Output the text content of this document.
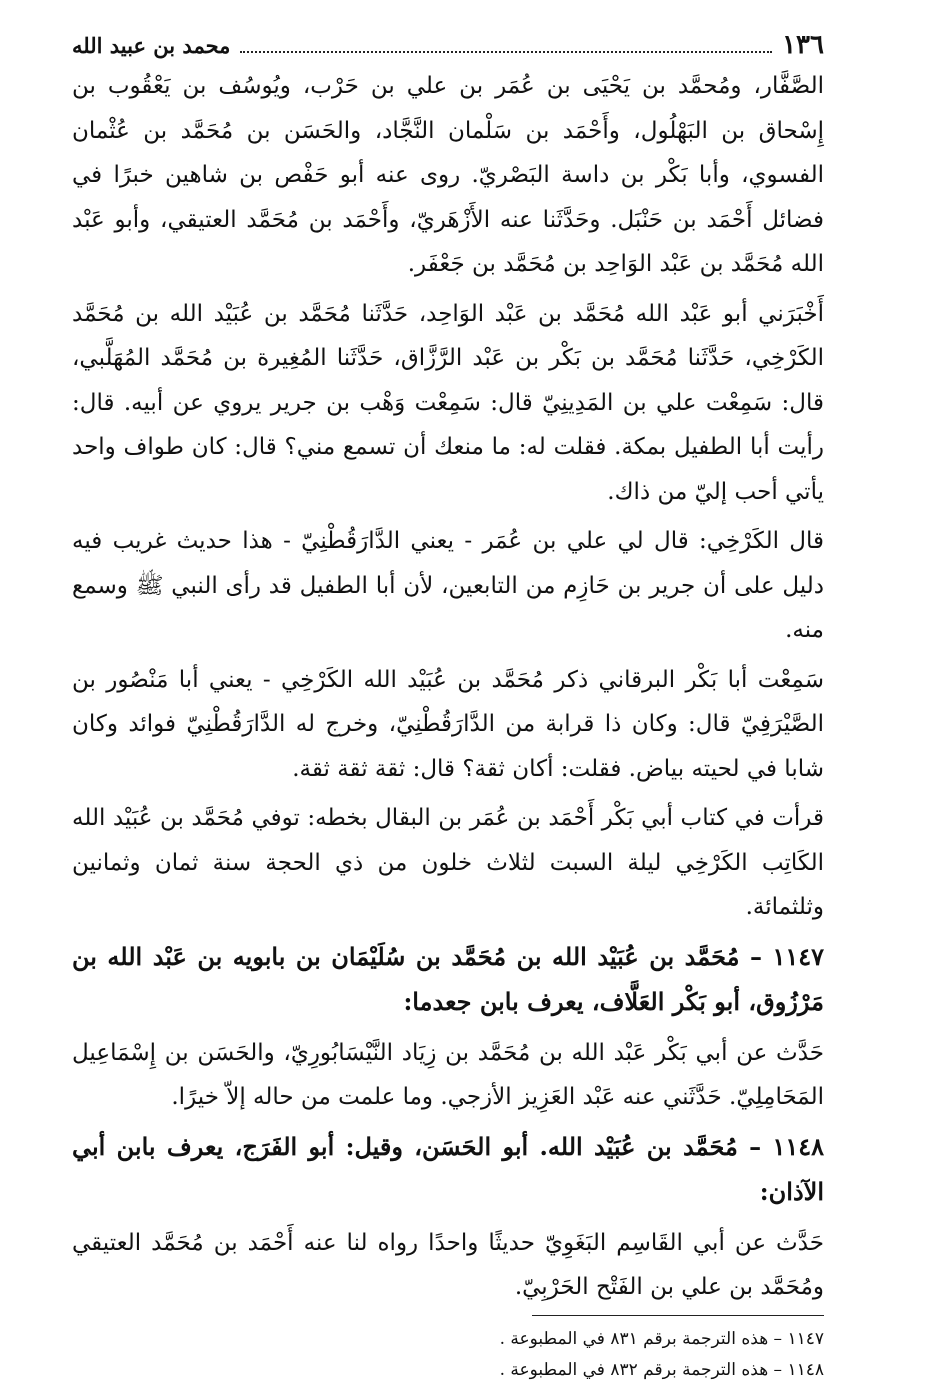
١٣٦
محمد بن عبيد الله

الصَّفَّار، ومُحمَّد بن يَحْيَى بن عُمَر بن علي بن حَرْب، ويُوسُف بن يَعْقُوب بن إِسْحاق بن البَهْلُول، وأَحْمَد بن سَلْمان النَّجَّاد، والحَسَن بن مُحَمَّد بن عُثْمان الفسوي، وأبا بَكْر بن داسة البَصْريّ. روى عنه أبو حَفْص بن شاهين خبرًا في فضائل أَحْمَد بن حَنْبَل. وحَدَّثَنا عنه الأَزْهَريّ، وأَحْمَد بن مُحَمَّد العتيقي، وأبو عَبْد الله مُحَمَّد بن عَبْد الوَاحِد بن مُحَمَّد بن جَعْفَر.

أَخْبَرَني أبو عَبْد الله مُحَمَّد بن عَبْد الوَاحِد، حَدَّثَنا مُحَمَّد بن عُبَيْد الله بن مُحَمَّد الكَرْخِي، حَدَّثَنا مُحَمَّد بن بَكْر بن عَبْد الرَّزَّاق، حَدَّثَنا المُغِيرة بن مُحَمَّد المُهَلَّبي، قال: سَمِعْت علي بن المَدِينِيّ قال: سَمِعْت وَهْب بن جرير يروي عن أبيه. قال: رأيت أبا الطفيل بمكة. فقلت له: ما منعك أن تسمع مني؟ قال: كان طواف واحد يأتي أحب إليّ من ذاك.

قال الكَرْخِي: قال لي علي بن عُمَر - يعني الدَّارَقُطْنِيّ - هذا حديث غريب فيه دليل على أن جرير بن حَازِم من التابعين، لأن أبا الطفيل قد رأى النبي ﷺ وسمع منه.

سَمِعْت أبا بَكْر البرقاني ذكر مُحَمَّد بن عُبَيْد الله الكَرْخِي - يعني أبا مَنْصُور بن الصَّيْرَفِيّ قال: وكان ذا قرابة من الدَّارَقُطْنِيّ، وخرج له الدَّارَقُطْنِيّ فوائد وكان شابا في لحيته بياض. فقلت: أكان ثقة؟ قال: ثقة ثقة ثقة.

قرأت في كتاب أبي بَكْر أَحْمَد بن عُمَر بن البقال بخطه: توفي مُحَمَّد بن عُبَيْد الله الكَاتِب الكَرْخِي ليلة السبت لثلاث خلون من ذي الحجة سنة ثمان وثمانين وثلثمائة.

١١٤٧ – مُحَمَّد بن عُبَيْد الله بن مُحَمَّد بن سُلَيْمَان بن بابويه بن عَبْد الله بن مَرْزُوق، أبو بَكْر العَلَّاف، يعرف بابن جعدما:

حَدَّث عن أبي بَكْر عَبْد الله بن مُحَمَّد بن زِيَاد النَّيْسَابُورِيّ، والحَسَن بن إِسْمَاعِيل المَحَامِلِيّ. حَدَّثَني عنه عَبْد العَزِيز الأزجي. وما علمت من حاله إلاّ خيرًا.

١١٤٨ – مُحَمَّد بن عُبَيْد الله. أبو الحَسَن، وقيل: أبو الفَرَج، يعرف بابن أبي الآذان:

حَدَّث عن أبي القَاسِم البَغَوِيّ حديثًا واحدًا رواه لنا عنه أَحْمَد بن مُحَمَّد العتيقي ومُحَمَّد بن علي بن الفَتْح الحَرْبِيّ.

١١٤٧ – هذه الترجمة برقم ٨٣١ في المطبوعة .

١١٤٨ – هذه الترجمة برقم ٨٣٢ في المطبوعة .
